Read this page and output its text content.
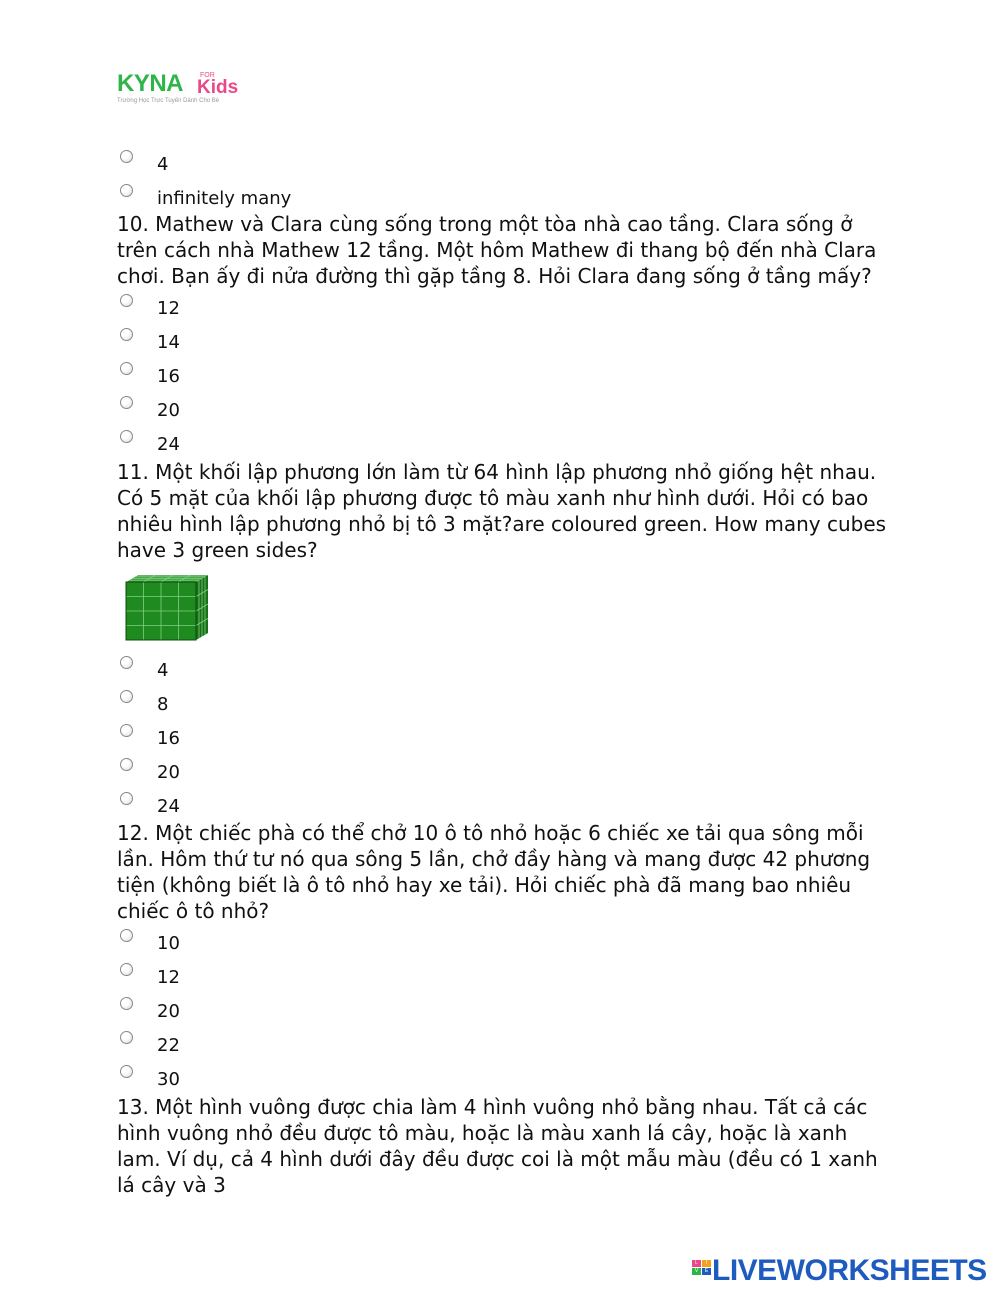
KYNA FOR
Kids
Trường Học Trực Tuyến Dành Cho Bé
4
infinitely many

10. Mathew và Clara cùng sống trong một tòa nhà cao tầng. Clara sống ở trên cách nhà Mathew 12 tầng. Một hôm Mathew đi thang bộ đến nhà Clara chơi. Bạn ấy đi nửa đường thì gặp tầng 8. Hỏi Clara đang sống ở tầng mấy?

12
14
16
20
24

11. Một khối lập phương lớn làm từ 64 hình lập phương nhỏ giống hệt nhau. Có 5 mặt của khối lập phương được tô màu xanh như hình dưới. Hỏi có bao nhiêu hình lập phương nhỏ bị tô 3 mặt?are coloured green. How many cubes have 3 green sides?

4
8
16
20
24

12. Một chiếc phà có thể chở 10 ô tô nhỏ hoặc 6 chiếc xe tải qua sông mỗi lần. Hôm thứ tư nó qua sông 5 lần, chở đầy hàng và mang được 42 phương tiện (không biết là ô tô nhỏ hay xe tải). Hỏi chiếc phà đã mang bao nhiêu chiếc ô tô nhỏ?

10
12
20
22
30

13. Một hình vuông được chia làm 4 hình vuông nhỏ bằng nhau. Tất cả các hình vuông nhỏ đều được tô màu, hoặc là màu xanh lá cây, hoặc là xanh lam. Ví dụ, cả 4 hình dưới đây đều được coi là một mẫu màu (đều có 1 xanh lá cây và 3

L	I
V	E LIVEWORKSHEETS
